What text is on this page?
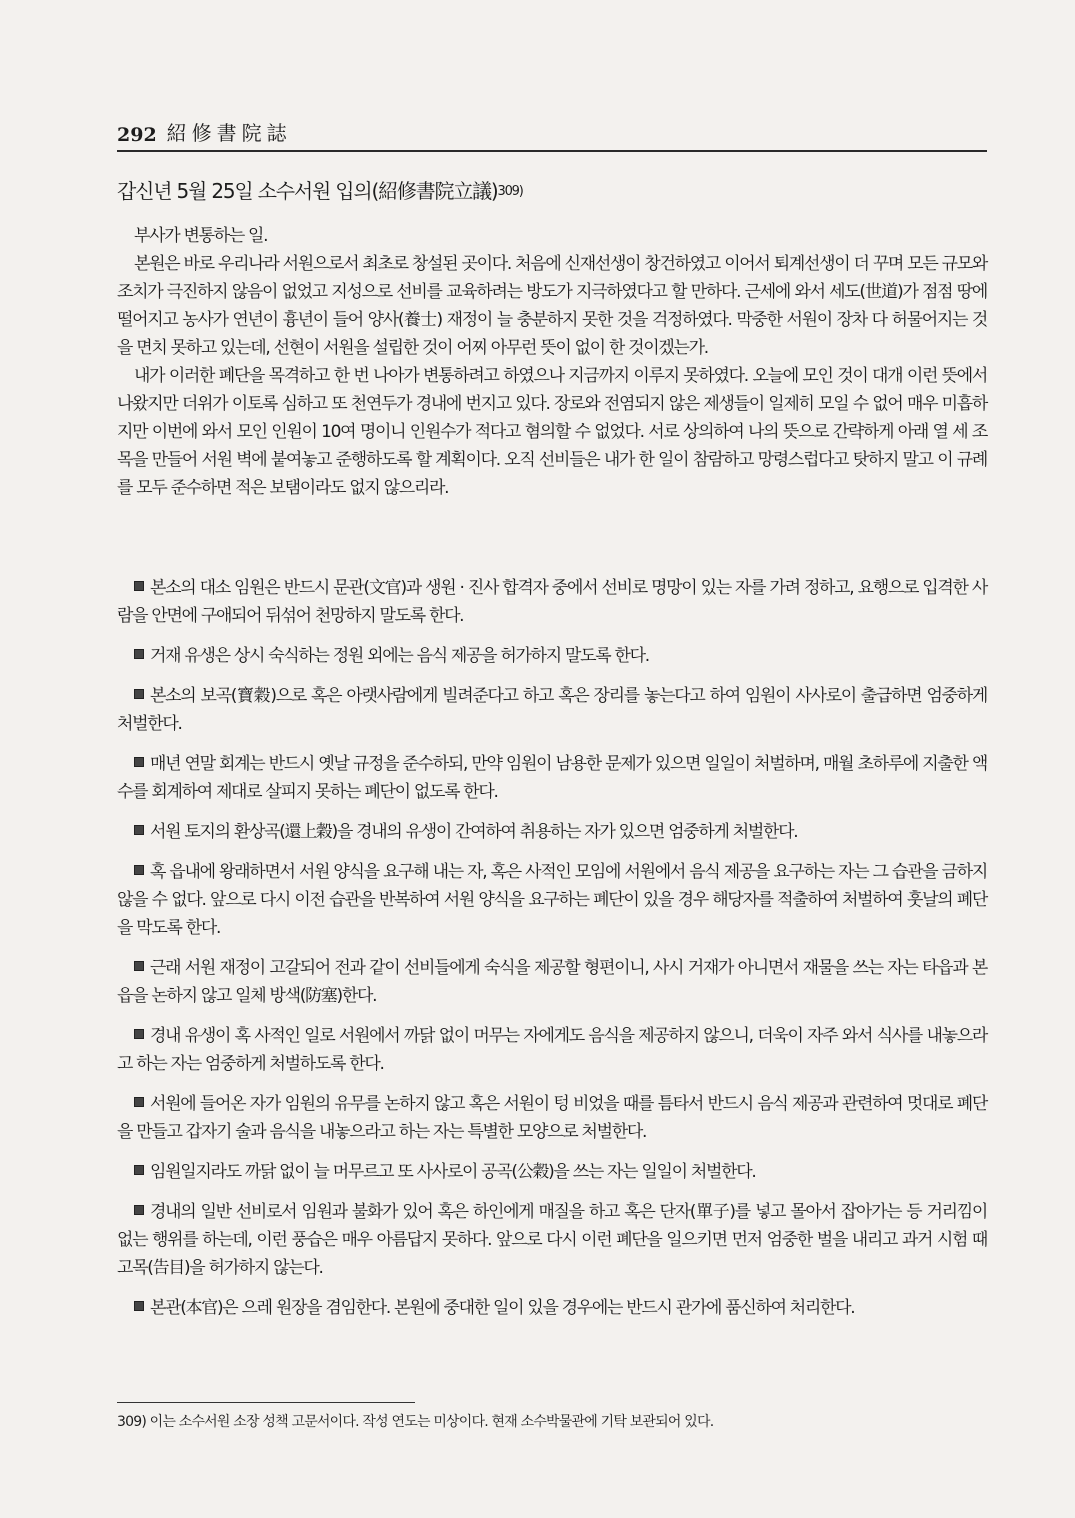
292 紹修書院誌
갑신년 5월 25일 소수서원 입의(紹修書院立議)$^{309)}$

부사가 변통하는 일.

본원은 바로 우리나라 서원으로서 최초로 창설된 곳이다. 처음에 신재선생이 창건하였고 이어서 퇴계선생이 더 꾸며 모든 규모와 조치가 극진하지 않음이 없었고 지성으로 선비를 교육하려는 방도가 지극하였다고 할 만하다. 근세에 와서 세도(世道)가 점점 땅에 떨어지고 농사가 연년이 흉년이 들어 양사(養士) 재정이 늘 충분하지 못한 것을 걱정하였다. 막중한 서원이 장차 다 허물어지는 것을 면치 못하고 있는데, 선현이 서원을 설립한 것이 어찌 아무런 뜻이 없이 한 것이겠는가.

내가 이러한 폐단을 목격하고 한 번 나아가 변통하려고 하였으나 지금까지 이루지 못하였다. 오늘에 모인 것이 대개 이런 뜻에서 나왔지만 더위가 이토록 심하고 또 천연두가 경내에 번지고 있다. 장로와 전염되지 않은 제생들이 일제히 모일 수 없어 매우 미흡하지만 이번에 와서 모인 인원이 10여 명이니 인원수가 적다고 혐의할 수 없었다. 서로 상의하여 나의 뜻으로 간략하게 아래 열 세 조목을 만들어 서원 벽에 붙여놓고 준행하도록 할 계획이다. 오직 선비들은 내가 한 일이 참람하고 망령스럽다고 탓하지 말고 이 규례를 모두 준수하면 적은 보탬이라도 없지 않으리라.

본소의 대소 임원은 반드시 문관(文官)과 생원 · 진사 합격자 중에서 선비로 명망이 있는 자를 가려 정하고, 요행으로 입격한 사람을 안면에 구애되어 뒤섞어 천망하지 말도록 한다.

거재 유생은 상시 숙식하는 정원 외에는 음식 제공을 허가하지 말도록 한다.

본소의 보곡(寶穀)으로 혹은 아랫사람에게 빌려준다고 하고 혹은 장리를 놓는다고 하여 임원이 사사로이 출급하면 엄중하게 처벌한다.

매년 연말 회계는 반드시 옛날 규정을 준수하되, 만약 임원이 남용한 문제가 있으면 일일이 처벌하며, 매월 초하루에 지출한 액수를 회계하여 제대로 살피지 못하는 폐단이 없도록 한다.

서원 토지의 환상곡(還上穀)을 경내의 유생이 간여하여 취용하는 자가 있으면 엄중하게 처벌한다.

혹 읍내에 왕래하면서 서원 양식을 요구해 내는 자, 혹은 사적인 모임에 서원에서 음식 제공을 요구하는 자는 그 습관을 금하지 않을 수 없다. 앞으로 다시 이전 습관을 반복하여 서원 양식을 요구하는 폐단이 있을 경우 해당자를 적출하여 처벌하여 훗날의 폐단을 막도록 한다.

근래 서원 재정이 고갈되어 전과 같이 선비들에게 숙식을 제공할 형편이니, 사시 거재가 아니면서 재물을 쓰는 자는 타읍과 본읍을 논하지 않고 일체 방색(防塞)한다.

경내 유생이 혹 사적인 일로 서원에서 까닭 없이 머무는 자에게도 음식을 제공하지 않으니, 더욱이 자주 와서 식사를 내놓으라고 하는 자는 엄중하게 처벌하도록 한다.

서원에 들어온 자가 임원의 유무를 논하지 않고 혹은 서원이 텅 비었을 때를 틈타서 반드시 음식 제공과 관련하여 멋대로 폐단을 만들고 갑자기 술과 음식을 내놓으라고 하는 자는 특별한 모양으로 처벌한다.

임원일지라도 까닭 없이 늘 머무르고 또 사사로이 공곡(公穀)을 쓰는 자는 일일이 처벌한다.

경내의 일반 선비로서 임원과 불화가 있어 혹은 하인에게 매질을 하고 혹은 단자(單子)를 넣고 몰아서 잡아가는 등 거리낌이 없는 행위를 하는데, 이런 풍습은 매우 아름답지 못하다. 앞으로 다시 이런 폐단을 일으키면 먼저 엄중한 벌을 내리고 과거 시험 때 고목(告目)을 허가하지 않는다.

본관(本官)은 으레 원장을 겸임한다. 본원에 중대한 일이 있을 경우에는 반드시 관가에 품신하여 처리한다.

309) 이는 소수서원 소장 성책 고문서이다. 작성 연도는 미상이다. 현재 소수박물관에 기탁 보관되어 있다.
